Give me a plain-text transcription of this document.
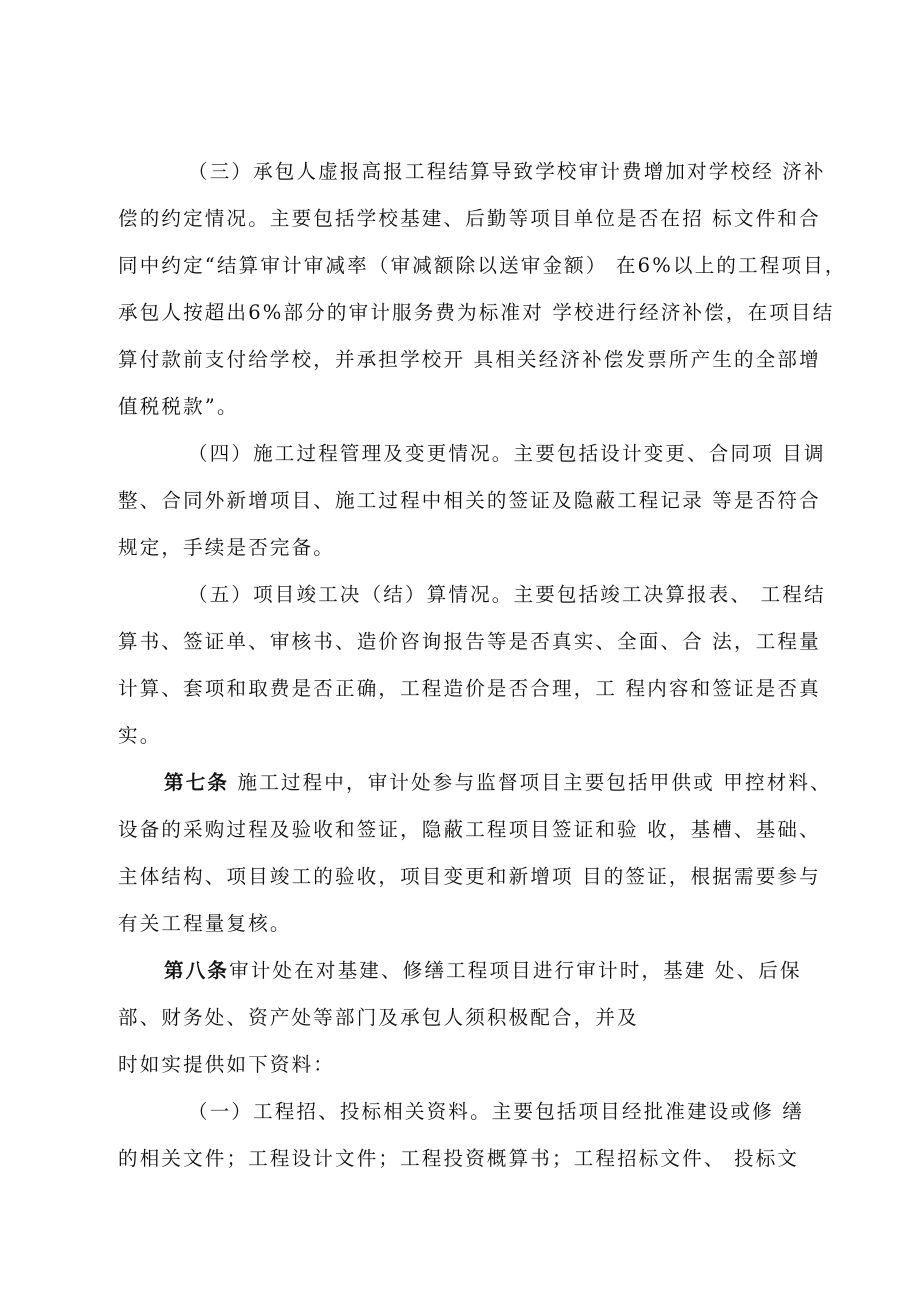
（三）承包人虚报高报工程结算导致学校审计费增加对学校经 济补
偿的约定情况。主要包括学校基建、后勤等项目单位是否在招 标文件和合
同中约定“结算审计审减率（审减额除以送审金额） 在6%以上的工程项目，
承包人按超出6%部分的审计服务费为标准对 学校进行经济补偿，在项目结
算付款前支付给学校，并承担学校开 具相关经济补偿发票所产生的全部增
值税税款”。
（四）施工过程管理及变更情况。主要包括设计变更、合同项 目调
整、合同外新增项目、施工过程中相关的签证及隐蔽工程记录 等是否符合
规定，手续是否完备。
（五）项目竣工决（结）算情况。主要包括竣工决算报表、 工程结
算书、签证单、审核书、造价咨询报告等是否真实、全面、合 法，工程量
计算、套项和取费是否正确，工程造价是否合理，工 程内容和签证是否真
实。
第七条 施工过程中，审计处参与监督项目主要包括甲供或 甲控材料、
设备的采购过程及验收和签证，隐蔽工程项目签证和验 收，基槽、基础、
主体结构、项目竣工的验收，项目变更和新增项 目的签证，根据需要参与
有关工程量复核。
第八条审计处在对基建、修缮工程项目进行审计时，基建 处、后保
部、财务处、资产处等部门及承包人须积极配合，并及
时如实提供如下资料：
（一）工程招、投标相关资料。主要包括项目经批准建设或修 缮
的相关文件；工程设计文件；工程投资概算书；工程招标文件、 投标文
